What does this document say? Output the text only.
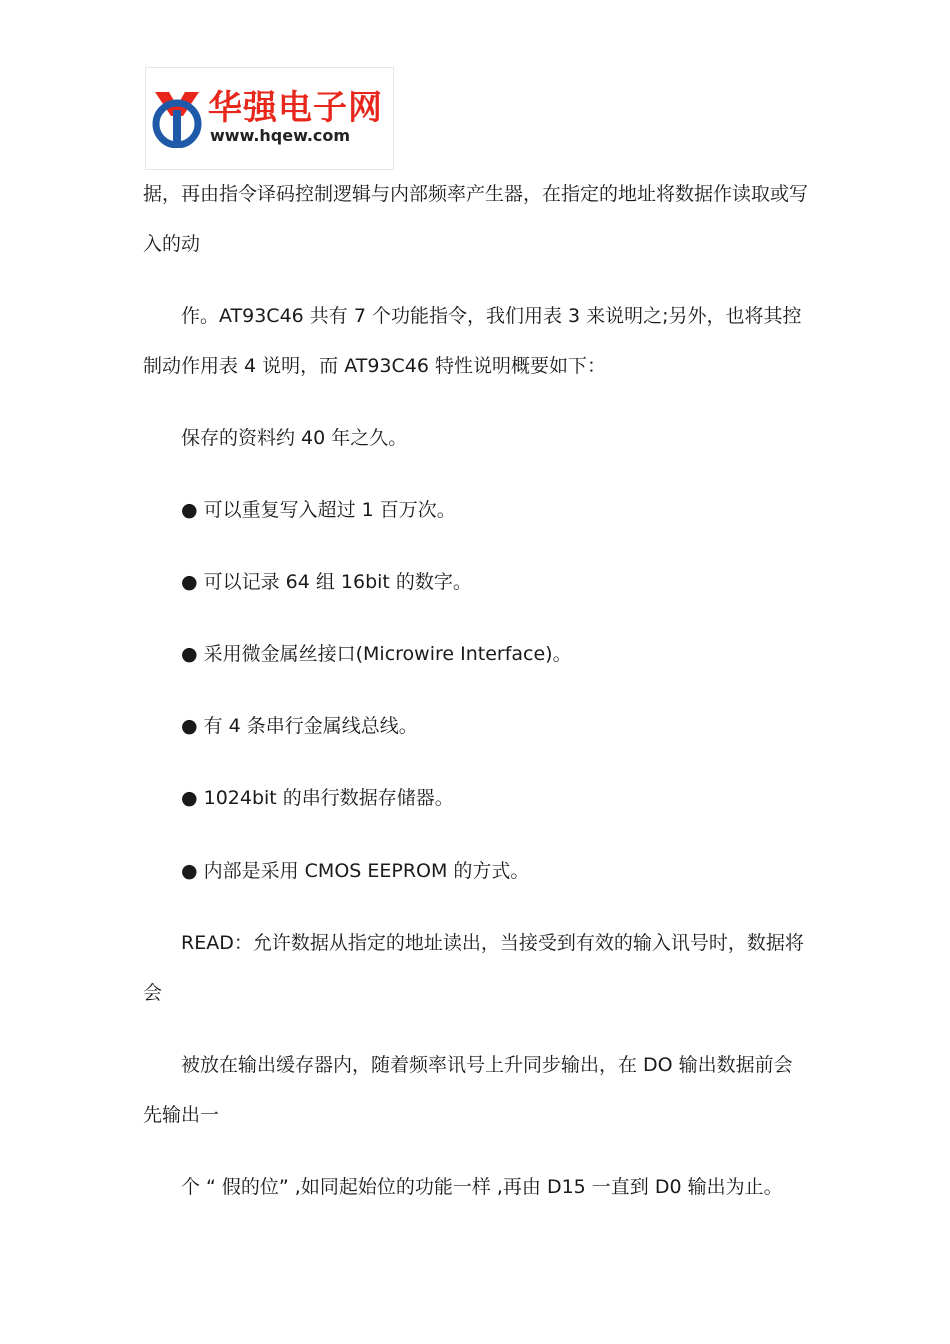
华强电子网
www.hqew.com
据，再由指令译码控制逻辑与内部频率产生器，在指定的地址将数据作读取或写
入的动
作。AT93C46 共有 7 个功能指令，我们用表 3 来说明之;另外，也将其控
制动作用表 4 说明，而 AT93C46 特性说明概要如下：
保存的资料约 40 年之久。
● 可以重复写入超过 1 百万次。
● 可以记录 64 组 16bit 的数字。
● 采用微金属丝接口(Microwire Interface)。
● 有 4 条串行金属线总线。
● 1024bit 的串行数据存储器。
● 内部是采用 CMOS EEPROM 的方式。
READ：允许数据从指定的地址读出，当接受到有效的输入讯号时，数据将
会
被放在输出缓存器内，随着频率讯号上升同步输出，在 DO 输出数据前会
先输出一
个 “ 假的位” ,如同起始位的功能一样 ,再由 D15 一直到 D0 输出为止。
